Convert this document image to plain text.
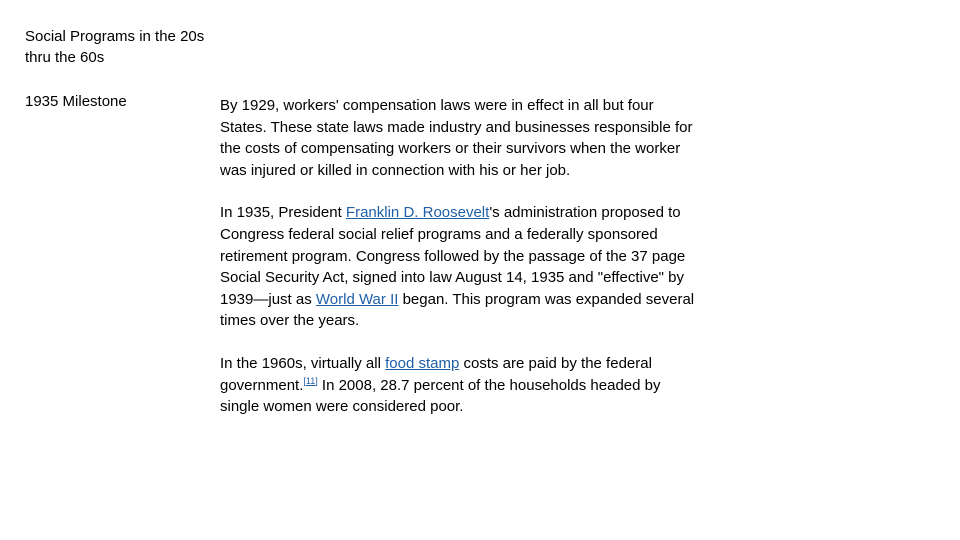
Social Programs in the 20s thru the 60s
1935 Milestone	By 1929, workers' compensation laws were in effect in all but four States. These state laws made industry and businesses responsible for the costs of compensating workers or their survivors when the worker was injured or killed in connection with his or her job.

In 1935, President Franklin D. Roosevelt's administration proposed to Congress federal social relief programs and a federally sponsored retirement program. Congress followed by the passage of the 37 page Social Security Act, signed into law August 14, 1935 and "effective" by 1939—just as World War II began. This program was expanded several times over the years.

In the 1960s, virtually all food stamp costs are paid by the federal government.[11] In 2008, 28.7 percent of the households headed by single women were considered poor.
